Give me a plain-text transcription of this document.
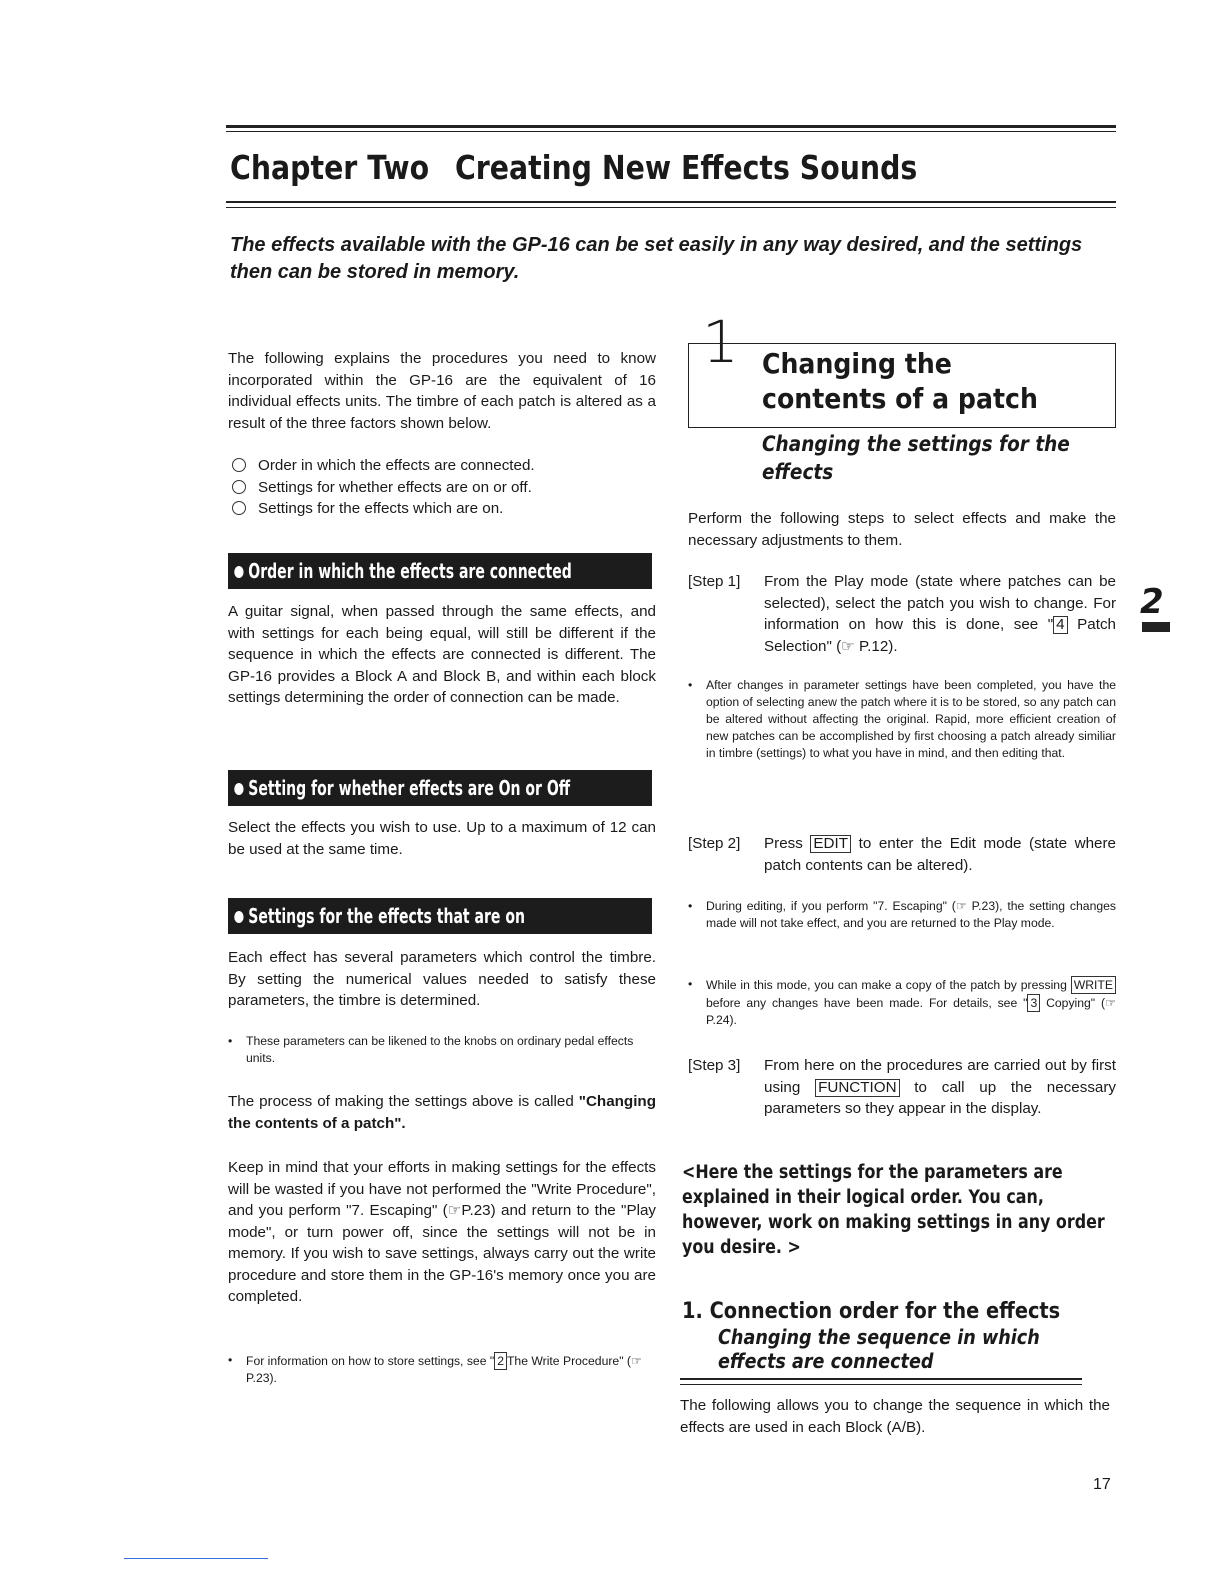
Chapter Two Creating New Effects Sounds

The effects available with the GP-16 can be set easily in any way desired, and the settings then can be stored in memory.

The following explains the procedures you need to know incorporated within the GP-16 are the equivalent of 16 individual effects units. The timbre of each patch is altered as a result of the three factors shown below.

Order in which the effects are connected.
Settings for whether effects are on or off.
Settings for the effects which are on.
Order in which the effects are connected

A guitar signal, when passed through the same effects, and with settings for each being equal, will still be different if the sequence in which the effects are connected is different. The GP-16 provides a Block A and Block B, and within each block settings determining the order of connection can be made.

Setting for whether effects are On or Off

Select the effects you wish to use. Up to a maximum of 12 can be used at the same time.

Settings for the effects that are on

Each effect has several parameters which control the timbre. By setting the numerical values needed to satisfy these parameters, the timbre is determined.

•	These parameters can be likened to the knobs on ordinary pedal effects units.
The process of making the settings above is called "Changing the contents of a patch".

Keep in mind that your efforts in making settings for the effects will be wasted if you have not performed the "Write Procedure", and you perform "7. Escaping" (☞P.23) and return to the "Play mode", or turn power off, since the settings will not be in memory. If you wish to save settings, always carry out the write procedure and store them in the GP-16's memory once you are completed.

•	For information on how to store settings, see " 2 The Write Procedure" (☞ P.23).
1 Changing the contents of a patch
Changing the settings for the effects

Perform the following steps to select effects and make the necessary adjustments to them.

[Step 1]	From the Play mode (state where patches can be selected), select the patch you wish to change. For information on how this is done, see " 4 Patch Selection" (☞ P.12).
•	After changes in parameter settings have been completed, you have the option of selecting anew the patch where it is to be stored, so any patch can be altered without affecting the original. Rapid, more efficient creation of new patches can be accomplished by first choosing a patch already similiar in timbre (settings) to what you have in mind, and then editing that.
[Step 2]	Press EDIT to enter the Edit mode (state where patch contents can be altered).
•	During editing, if you perform "7. Escaping" (☞ P.23), the setting changes made will not take effect, and you are returned to the Play mode.
•	While in this mode, you can make a copy of the patch by pressing WRITE before any changes have been made. For details, see " 3 Copying" (☞ P.24).
[Step 3]	From here on the procedures are carried out by first using FUNCTION to call up the necessary parameters so they appear in the display.
<Here the settings for the parameters are explained in their logical order. You can, however, work on making settings in any order you desire. >
1. Connection order for the effects
Changing the sequence in which effects are connected

The following allows you to change the sequence in which the effects are used in each Block (A/B).

2
17
